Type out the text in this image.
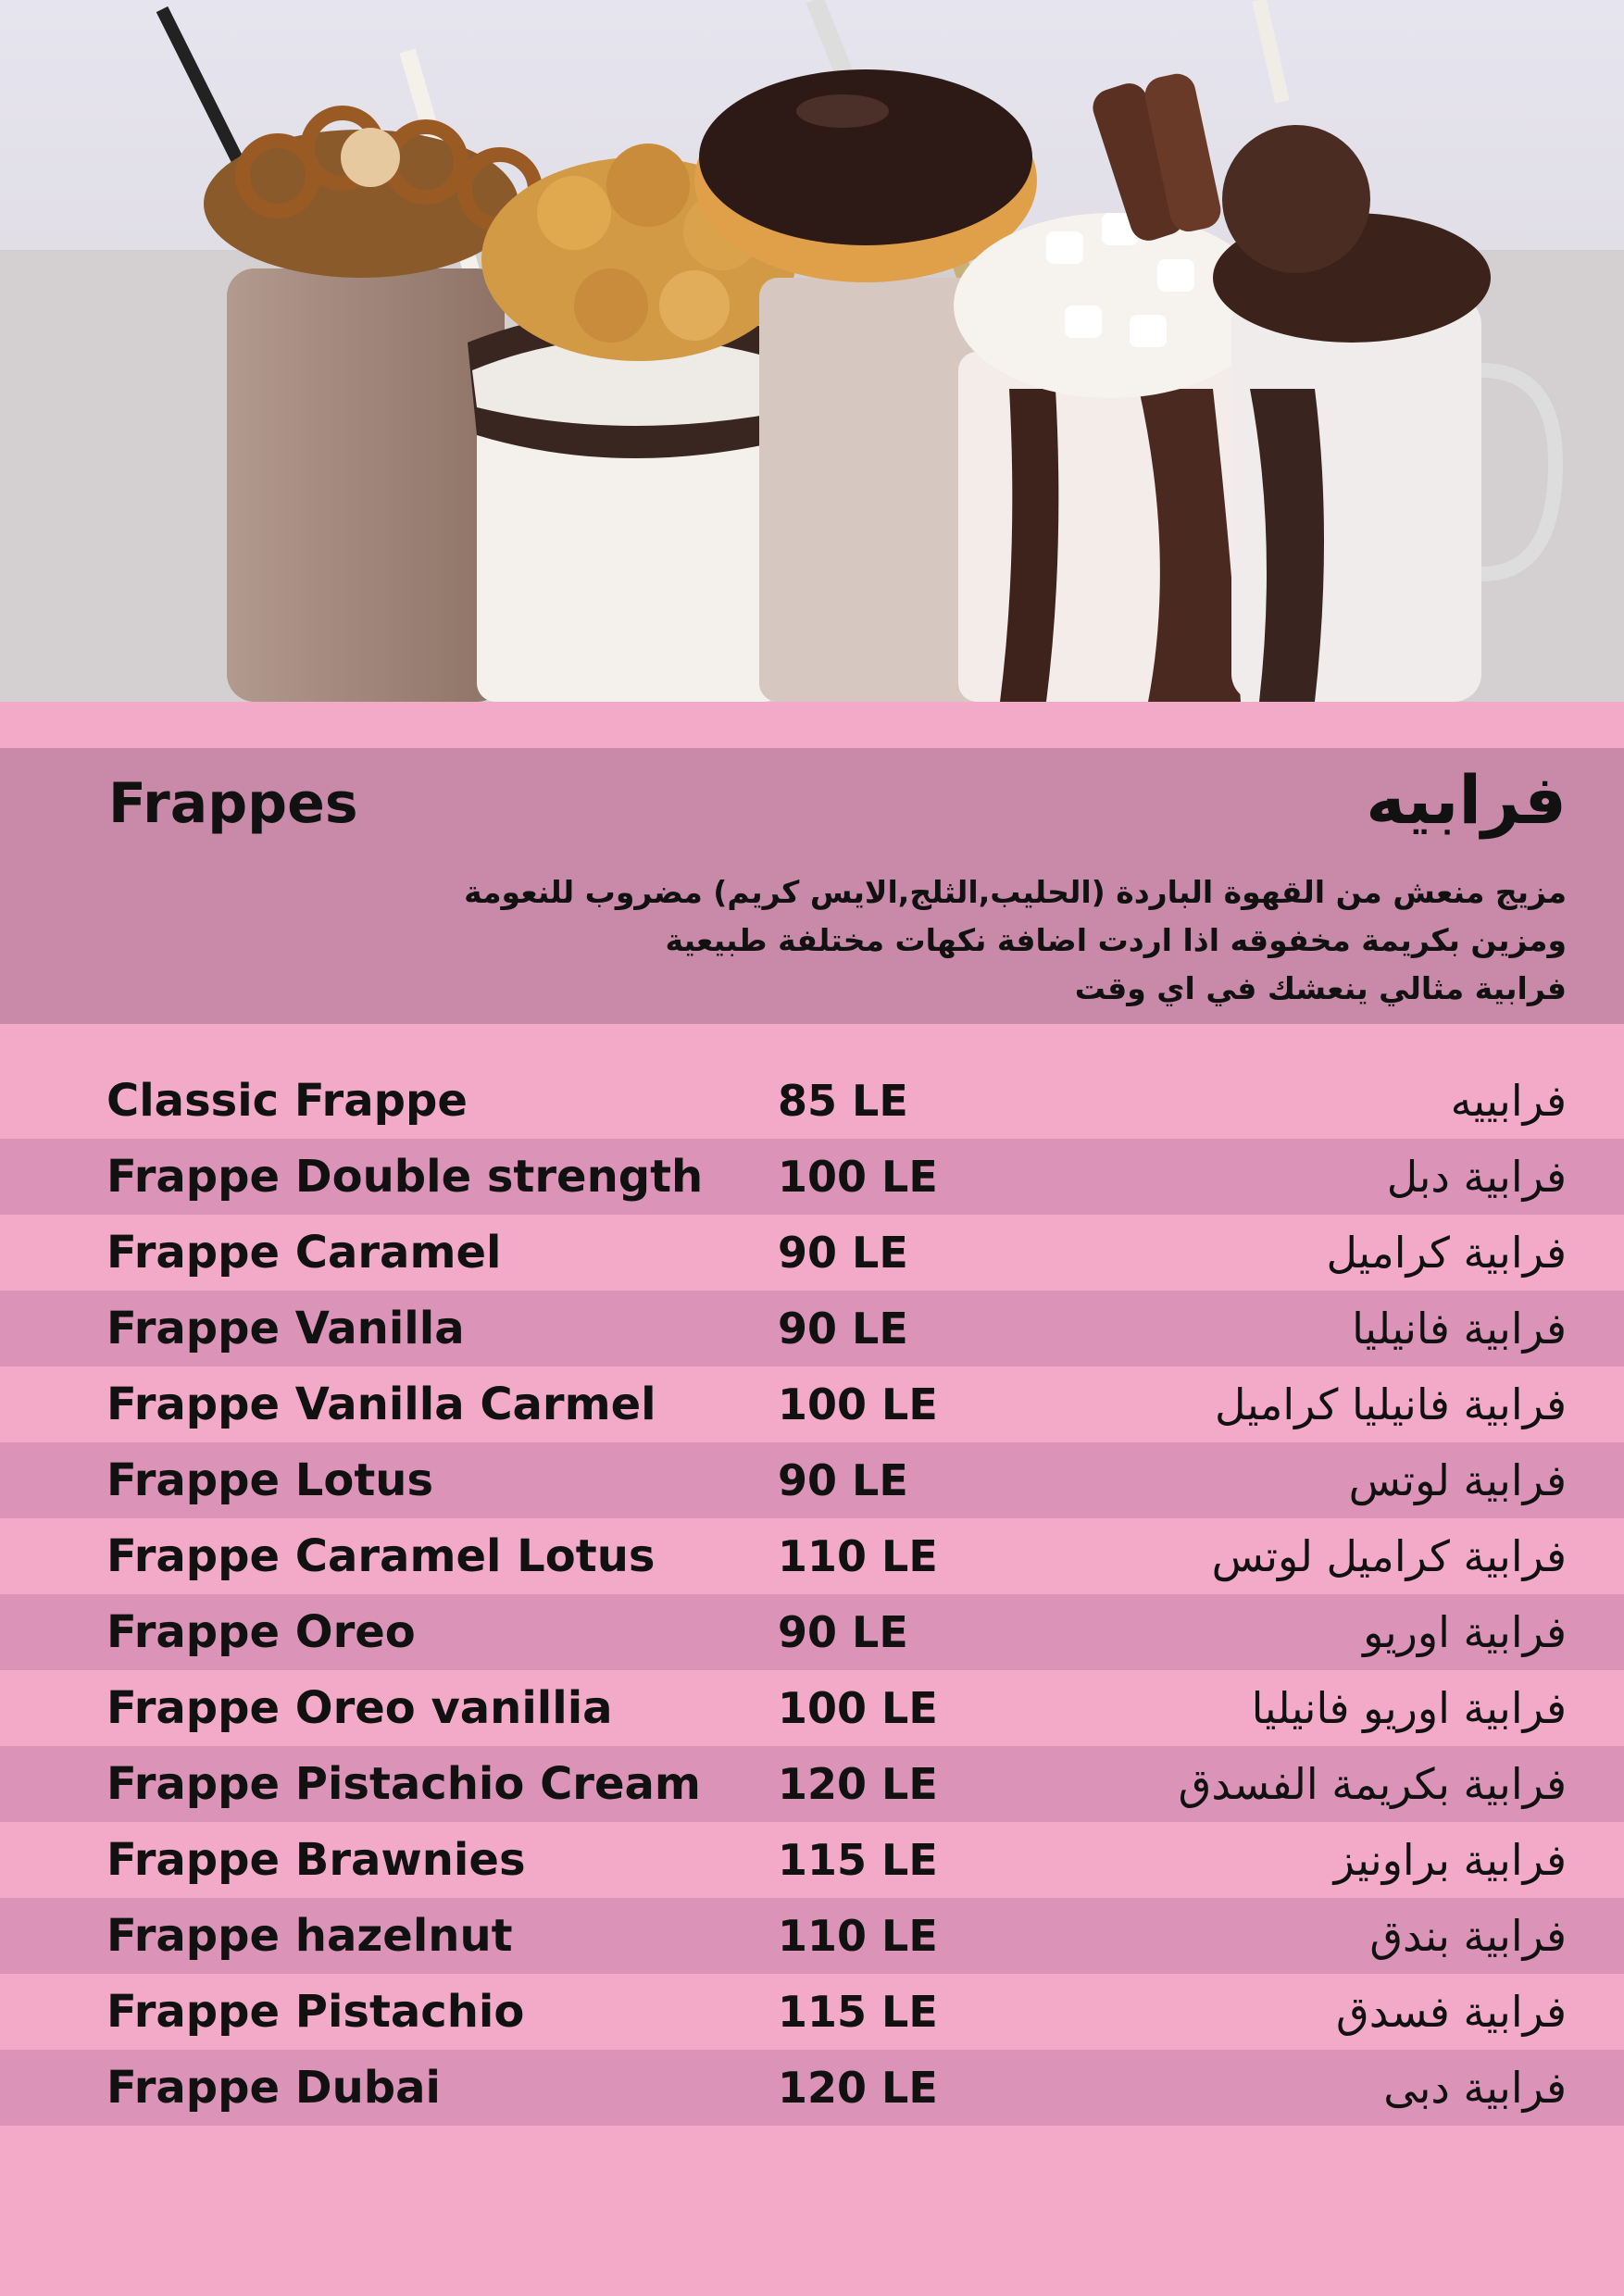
Frappes	فرابيه
مزيج منعش من القهوة الباردة (الحليب,الثلج,الايس كريم) مضروب للنعومة
ومزين بكريمة مخفوقه اذا اردت اضافة نكهات مختلفة طبيعية
فرابية مثالي ينعشك في اي وقت
Classic Frappe	85 LE	فرابييه
Frappe Double strength 100 LE	فرابية دبل
Frappe Caramel	90 LE	فرابية كراميل
Frappe Vanilla	90 LE	فرابية فانيليا
Frappe Vanilla Carmel	100 LE	فرابية فانيليا كراميل
Frappe Lotus	90 LE	فرابية لوتس
Frappe Caramel Lotus	110 LE	فرابية كراميل لوتس
Frappe Oreo	90 LE	فرابية اوريو
Frappe Oreo vanillia	100 LE	فرابية اوريو فانيليا
Frappe Pistachio Cream 120 LE	فرابية بكريمة الفسدق
Frappe Brawnies	115 LE	فرابية براونيز
Frappe hazelnut	110 LE	فرابية بندق
Frappe Pistachio	115 LE	فرابية فسدق
Frappe Dubai	120 LE	فرابية دبى
